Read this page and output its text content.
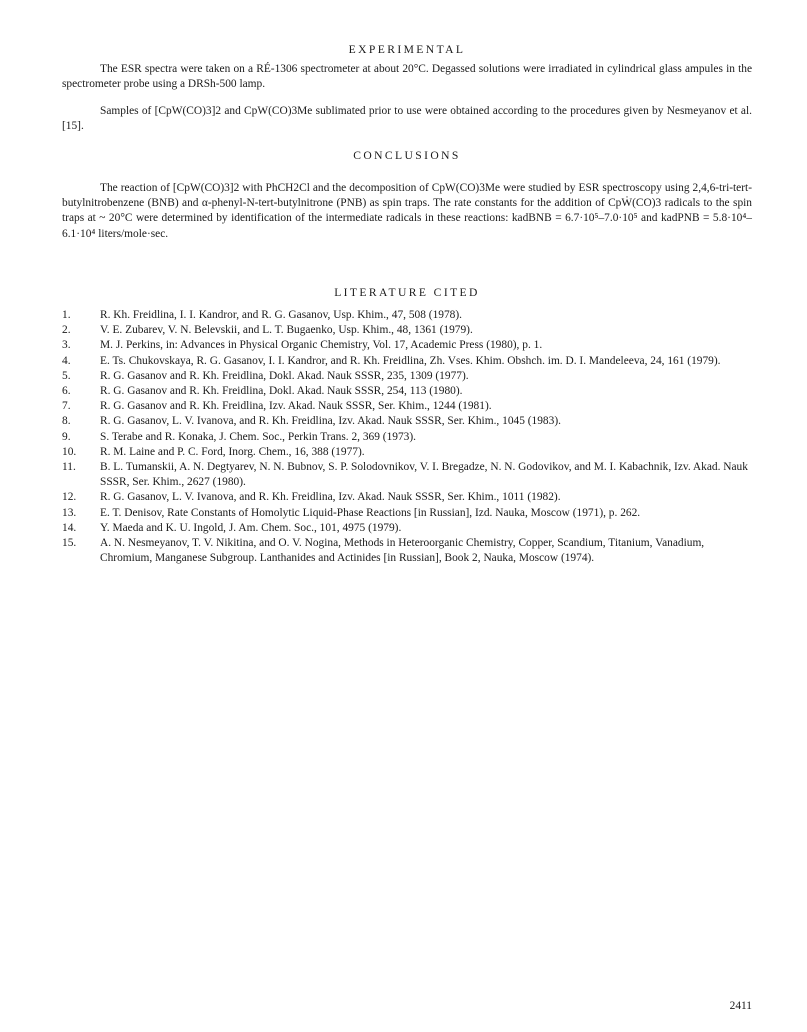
EXPERIMENTAL

The ESR spectra were taken on a RÉ-1306 spectrometer at about 20°C. Degassed solutions were irradiated in cylindrical glass ampules in the spectrometer probe using a DRSh-500 lamp.

Samples of [CpW(CO)3]2 and CpW(CO)3Me sublimated prior to use were obtained according to the procedures given by Nesmeyanov et al. [15].

CONCLUSIONS

The reaction of [CpW(CO)3]2 with PhCH2Cl and the decomposition of CpW(CO)3Me were studied by ESR spectroscopy using 2,4,6-tri-tert-butylnitrobenzene (BNB) and α-phenyl-N-tert-butylnitrone (PNB) as spin traps. The rate constants for the addition of CpẆ(CO)3 radicals to the spin traps at ~ 20°C were determined by identification of the intermediate radicals in these reactions: kadBNB = 6.7·10⁵–7.0·10⁵ and kadPNB = 5.8·10⁴–6.1·10⁴ liters/mole·sec.

LITERATURE CITED
1.	R. Kh. Freidlina, I. I. Kandror, and R. G. Gasanov, Usp. Khim., 47, 508 (1978).
2.	V. E. Zubarev, V. N. Belevskii, and L. T. Bugaenko, Usp. Khim., 48, 1361 (1979).
3.	M. J. Perkins, in: Advances in Physical Organic Chemistry, Vol. 17, Academic Press (1980), p. 1.
4.	E. Ts. Chukovskaya, R. G. Gasanov, I. I. Kandror, and R. Kh. Freidlina, Zh. Vses. Khim. Obshch. im. D. I. Mandeleeva, 24, 161 (1979).
5.	R. G. Gasanov and R. Kh. Freidlina, Dokl. Akad. Nauk SSSR, 235, 1309 (1977).
6.	R. G. Gasanov and R. Kh. Freidlina, Dokl. Akad. Nauk SSSR, 254, 113 (1980).
7.	R. G. Gasanov and R. Kh. Freidlina, Izv. Akad. Nauk SSSR, Ser. Khim., 1244 (1981).
8.	R. G. Gasanov, L. V. Ivanova, and R. Kh. Freidlina, Izv. Akad. Nauk SSSR, Ser. Khim., 1045 (1983).
9.	S. Terabe and R. Konaka, J. Chem. Soc., Perkin Trans. 2, 369 (1973).
10.	R. M. Laine and P. C. Ford, Inorg. Chem., 16, 388 (1977).
11.	B. L. Tumanskii, A. N. Degtyarev, N. N. Bubnov, S. P. Solodovnikov, V. I. Bregadze, N. N. Godovikov, and M. I. Kabachnik, Izv. Akad. Nauk SSSR, Ser. Khim., 2627 (1980).
12.	R. G. Gasanov, L. V. Ivanova, and R. Kh. Freidlina, Izv. Akad. Nauk SSSR, Ser. Khim., 1011 (1982).
13.	E. T. Denisov, Rate Constants of Homolytic Liquid-Phase Reactions [in Russian], Izd. Nauka, Moscow (1971), p. 262.
14.	Y. Maeda and K. U. Ingold, J. Am. Chem. Soc., 101, 4975 (1979).
15.	A. N. Nesmeyanov, T. V. Nikitina, and O. V. Nogina, Methods in Heteroorganic Chemistry, Copper, Scandium, Titanium, Vanadium, Chromium, Manganese Subgroup. Lanthanides and Actinides [in Russian], Book 2, Nauka, Moscow (1974).
2411
